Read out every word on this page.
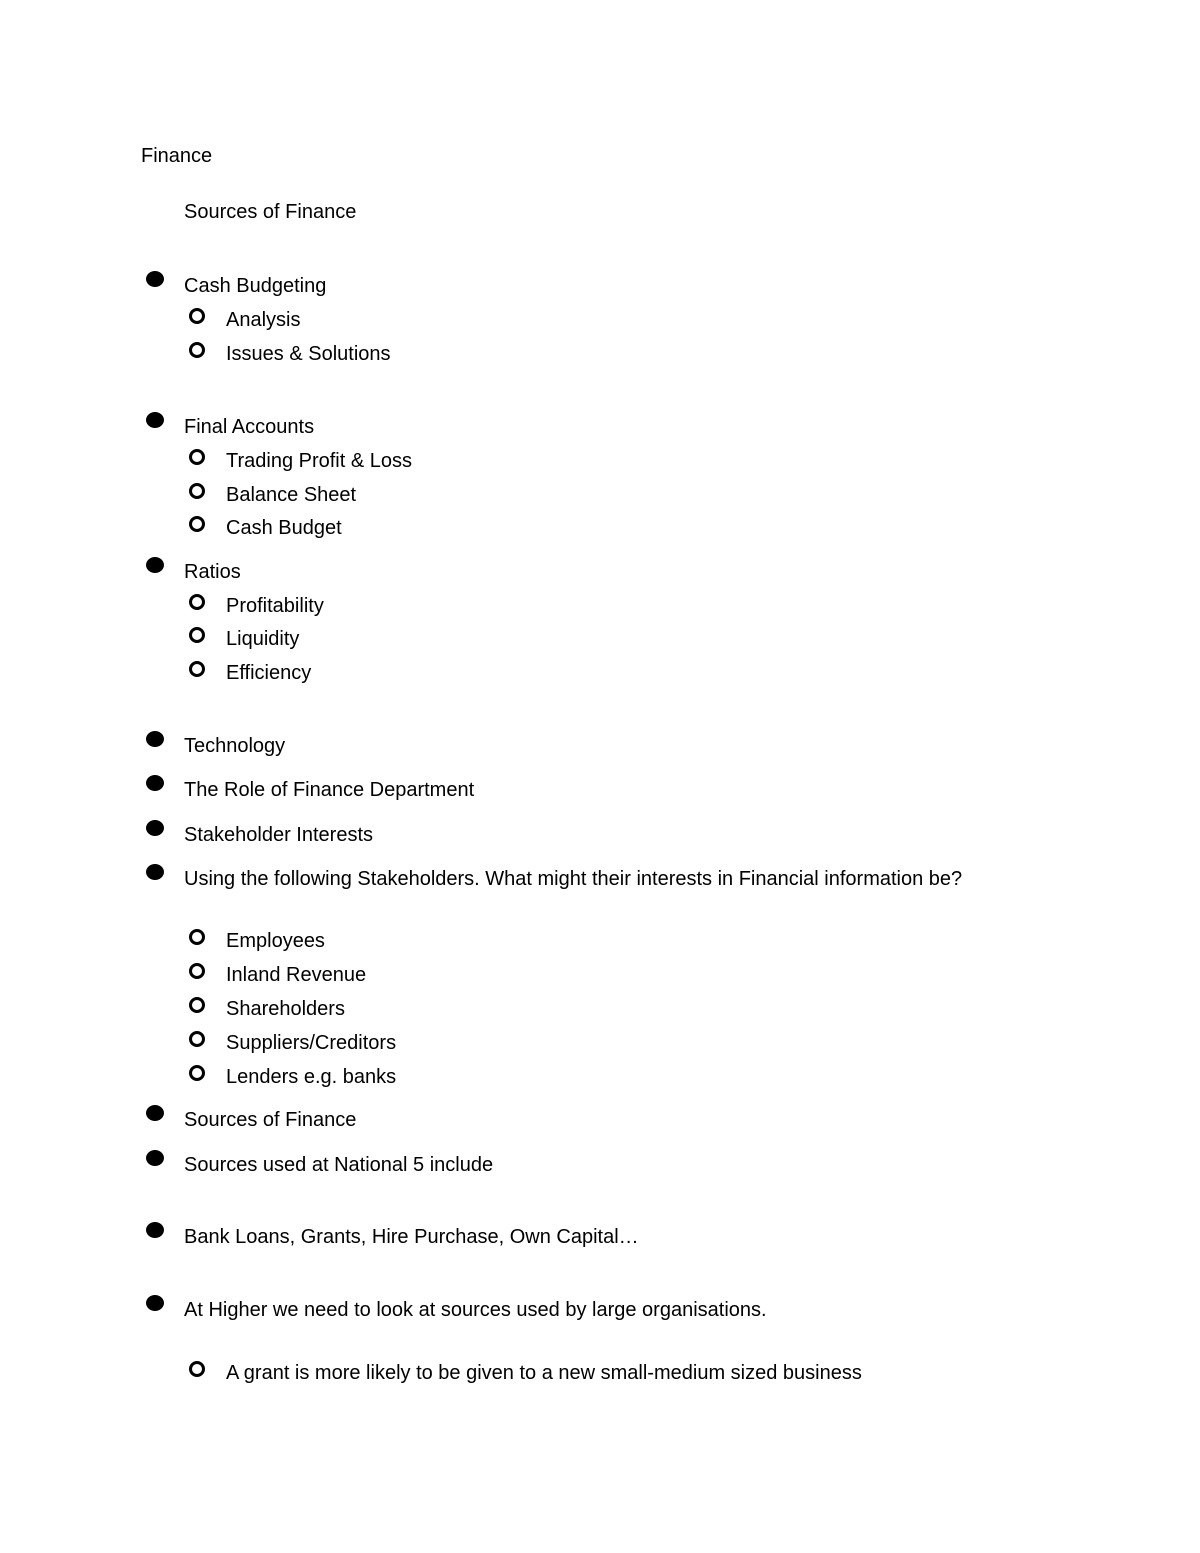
Finance
Sources of Finance
Cash Budgeting
Analysis
Issues & Solutions
Final Accounts
Trading Profit & Loss
Balance Sheet
Cash Budget
Ratios
Profitability
Liquidity
Efficiency
Technology
The Role of Finance Department
Stakeholder Interests
Using the following Stakeholders. What might their interests in Financial information be?
Employees
Inland Revenue
Shareholders
Suppliers/Creditors
Lenders e.g. banks
Sources of Finance
Sources used at National 5 include
Bank Loans, Grants, Hire Purchase, Own Capital…
At Higher we need to look at sources used by large organisations.
A grant is more likely to be given to a new small-medium sized business
